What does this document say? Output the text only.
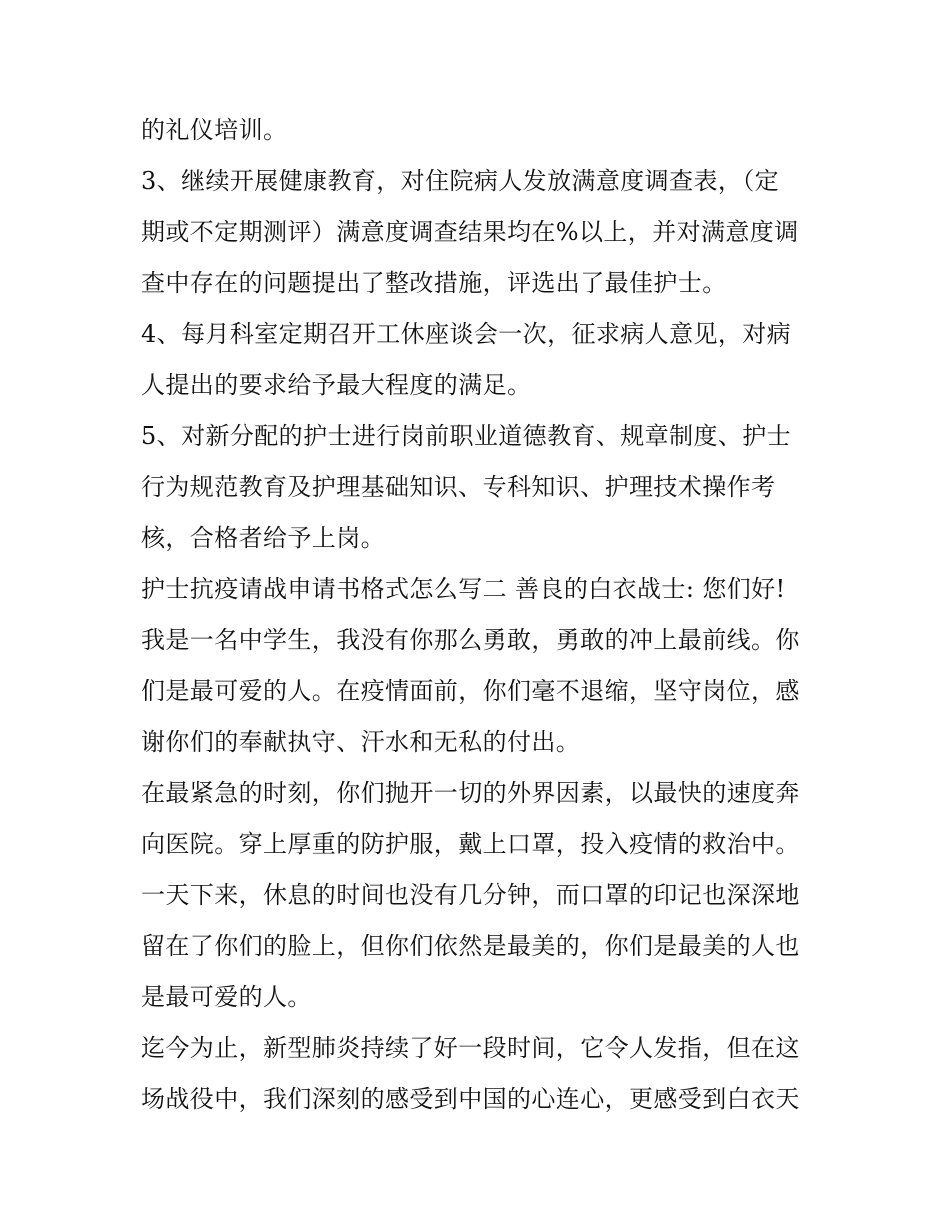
的礼仪培训。
3、继续开展健康教育，对住院病人发放满意度调查表，（定
期或不定期测评）满意度调查结果均在%以上，并对满意度调
查中存在的问题提出了整改措施，评选出了最佳护士。
4、每月科室定期召开工休座谈会一次，征求病人意见，对病
人提出的要求给予最大程度的满足。
5、对新分配的护士进行岗前职业道德教育、规章制度、护士
行为规范教育及护理基础知识、专科知识、护理技术操作考
核，合格者给予上岗。
护士抗疫请战申请书格式怎么写二 善良的白衣战士: 您们好!
我是一名中学生，我没有你那么勇敢，勇敢的冲上最前线。你
们是最可爱的人。在疫情面前，你们毫不退缩，坚守岗位，感
谢你们的奉献执守、汗水和无私的付出。
在最紧急的时刻，你们抛开一切的外界因素，以最快的速度奔
向医院。穿上厚重的防护服，戴上口罩，投入疫情的救治中。
一天下来，休息的时间也没有几分钟，而口罩的印记也深深地
留在了你们的脸上，但你们依然是最美的，你们是最美的人也
是最可爱的人。
迄今为止，新型肺炎持续了好一段时间，它令人发指，但在这
场战役中，我们深刻的感受到中国的心连心，更感受到白衣天
